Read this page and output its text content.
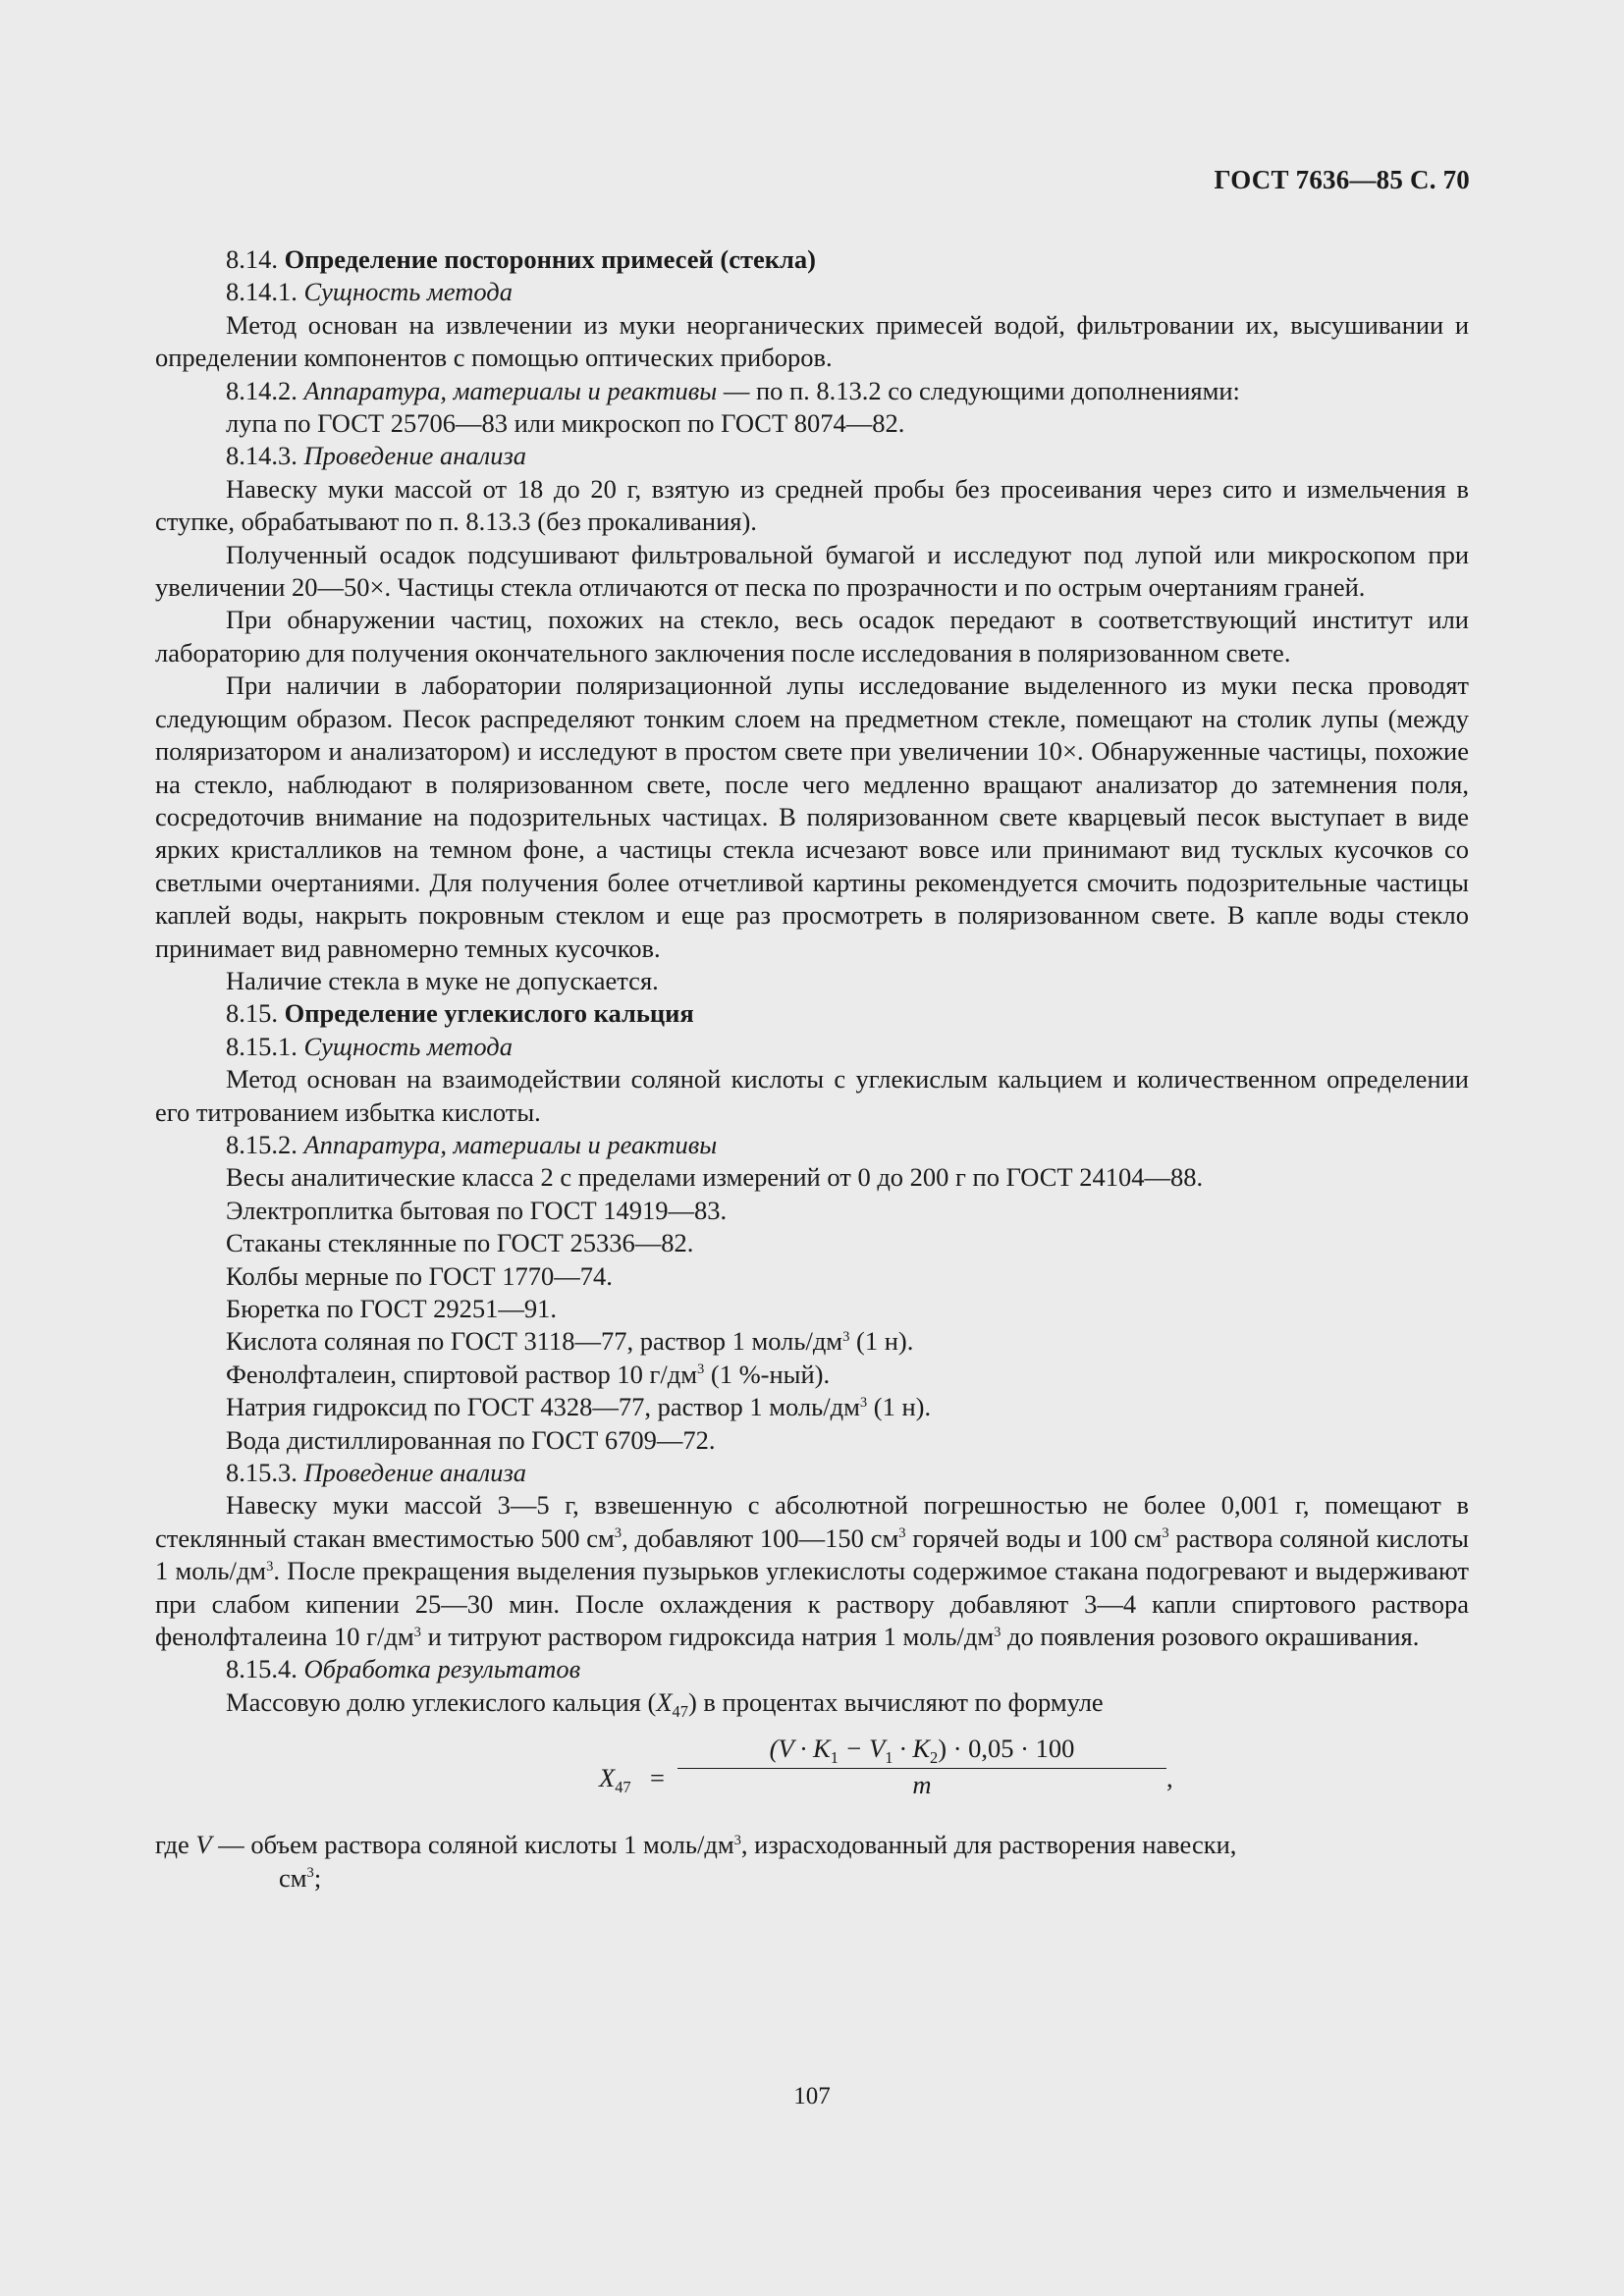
ГОСТ 7636—85 С. 70

8.14. Определение посторонних примесей (стекла)

8.14.1. Сущность метода

Метод основан на извлечении из муки неорганических примесей водой, фильтровании их, высушивании и определении компонентов с помощью оптических приборов.

8.14.2. Аппаратура, материалы и реактивы — по п. 8.13.2 со следующими дополнениями:

лупа по ГОСТ 25706—83 или микроскоп по ГОСТ 8074—82.

8.14.3. Проведение анализа

Навеску муки массой от 18 до 20 г, взятую из средней пробы без просеивания через сито и измельчения в ступке, обрабатывают по п. 8.13.3 (без прокаливания).

Полученный осадок подсушивают фильтровальной бумагой и исследуют под лупой или микроскопом при увеличении 20—50×. Частицы стекла отличаются от песка по прозрачности и по острым очертаниям граней.

При обнаружении частиц, похожих на стекло, весь осадок передают в соответствующий институт или лабораторию для получения окончательного заключения после исследования в поляризованном свете.

При наличии в лаборатории поляризационной лупы исследование выделенного из муки песка проводят следующим образом. Песок распределяют тонким слоем на предметном стекле, помещают на столик лупы (между поляризатором и анализатором) и исследуют в простом свете при увеличении 10×. Обнаруженные частицы, похожие на стекло, наблюдают в поляризованном свете, после чего медленно вращают анализатор до затемнения поля, сосредоточив внимание на подозрительных частицах. В поляризованном свете кварцевый песок выступает в виде ярких кристалликов на темном фоне, а частицы стекла исчезают вовсе или принимают вид тусклых кусочков со светлыми очертаниями. Для получения более отчетливой картины рекомендуется смочить подозрительные частицы каплей воды, накрыть покровным стеклом и еще раз просмотреть в поляризованном свете. В капле воды стекло принимает вид равномерно темных кусочков.

Наличие стекла в муке не допускается.

8.15. Определение углекислого кальция

8.15.1. Сущность метода

Метод основан на взаимодействии соляной кислоты с углекислым кальцием и количественном определении его титрованием избытка кислоты.

8.15.2. Аппаратура, материалы и реактивы

Весы аналитические класса 2 с пределами измерений от 0 до 200 г по ГОСТ 24104—88.

Электроплитка бытовая по ГОСТ 14919—83.

Стаканы стеклянные по ГОСТ 25336—82.

Колбы мерные по ГОСТ 1770—74.

Бюретка по ГОСТ 29251—91.

Кислота соляная по ГОСТ 3118—77, раствор 1 моль/$дм^3$ (1 н).

Фенолфталеин, спиртовой раствор 10 $г/дм^3$ (1 %-ный).

Натрия гидроксид по ГОСТ 4328—77, раствор 1 моль/$дм^3$ (1 н).

Вода дистиллированная по ГОСТ 6709—72.

8.15.3. Проведение анализа

Навеску муки массой 3—5 г, взвешенную с абсолютной погрешностью не более 0,001 г, помещают в стеклянный стакан вместимостью 500 $см^3$, добавляют 100—150 $см^3$ горячей воды и 100 $см^3$ раствора соляной кислоты 1 моль/$дм^3$. После прекращения выделения пузырьков углекислоты содержимое стакана подогревают и выдерживают при слабом кипении 25—30 мин. После охлаждения к раствору добавляют 3—4 капли спиртового раствора фенолфталеина 10 $г/дм^3$ и титруют раствором гидроксида натрия 1 моль/$дм^3$ до появления розового окрашивания.

8.15.4. Обработка результатов

Массовую долю углекислого кальция $(X_{47})$ в процентах вычисляют по формуле

$X_{47}$ =
$(V \cdot K_1 - V_1 \cdot K_2) \cdot 0,05 \cdot 100$
m	,

где V — объем раствора соляной кислоты 1 моль/$дм^3$, израсходованный для растворения навески,

$см^3$;

107
